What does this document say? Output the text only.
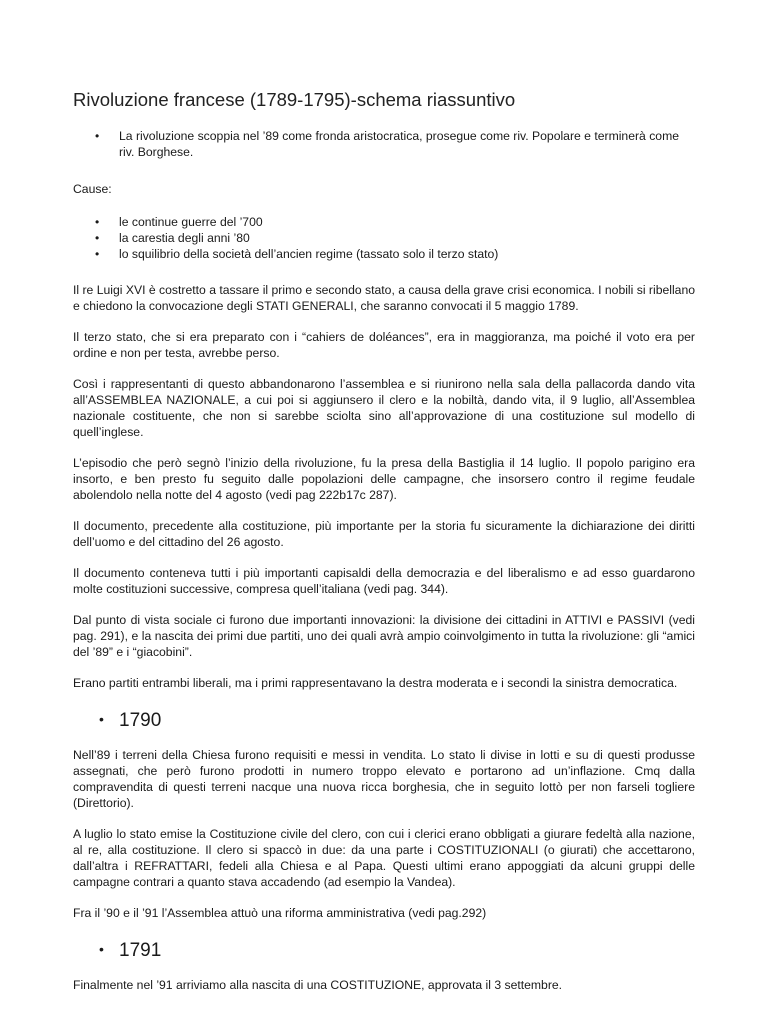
Rivoluzione francese (1789-1795)-schema riassuntivo
• La rivoluzione scoppia nel ’89 come fronda aristocratica, prosegue come riv. Popolare e terminerà come riv. Borghese.
Cause:
• le continue guerre del ’700
• la carestia degli anni ’80
• lo squilibrio della società dell’ancien regime (tassato solo il terzo stato)

Il re Luigi XVI è costretto a tassare il primo e secondo stato, a causa della grave crisi economica. I nobili si ribellano e chiedono la convocazione degli STATI GENERALI, che saranno convocati il 5 maggio 1789.

Il terzo stato, che si era preparato con i “cahiers de doléances”, era in maggioranza, ma poiché il voto era per ordine e non per testa, avrebbe perso.

Così i rappresentanti di questo abbandonarono l’assemblea e si riunirono nella sala della pallacorda dando vita all’ASSEMBLEA NAZIONALE, a cui poi si aggiunsero il clero e la nobiltà, dando vita, il 9 luglio, all’Assemblea nazionale costituente, che non si sarebbe sciolta sino all’approvazione di una costituzione sul modello di quell’inglese.

L’episodio che però segnò l’inizio della rivoluzione, fu la presa della Bastiglia il 14 luglio. Il popolo parigino era insorto, e ben presto fu seguito dalle popolazioni delle campagne, che insorsero contro il regime feudale abolendolo nella notte del 4 agosto (vedi pag 222b17c 287).

Il documento, precedente alla costituzione, più importante per la storia fu sicuramente la dichiarazione dei diritti dell’uomo e del cittadino del 26 agosto.

Il documento conteneva tutti i più importanti capisaldi della democrazia e del liberalismo e ad esso guardarono molte costituzioni successive, compresa quell’italiana (vedi pag. 344).

Dal punto di vista sociale ci furono due importanti innovazioni: la divisione dei cittadini in ATTIVI e PASSIVI (vedi pag. 291), e la nascita dei primi due partiti, uno dei quali avrà ampio coinvolgimento in tutta la rivoluzione: gli “amici del ’89” e i “giacobini”.

Erano partiti entrambi liberali, ma i primi rappresentavano la destra moderata e i secondi la sinistra democratica.

• 1790

Nell’89 i terreni della Chiesa furono requisiti e messi in vendita. Lo stato li divise in lotti e su di questi produsse assegnati, che però furono prodotti in numero troppo elevato e portarono ad un’inflazione. Cmq dalla compravendita di questi terreni nacque una nuova ricca borghesia, che in seguito lottò per non farseli togliere (Direttorio).

A luglio lo stato emise la Costituzione civile del clero, con cui i clerici erano obbligati a giurare fedeltà alla nazione, al re, alla costituzione. Il clero si spaccò in due: da una parte i COSTITUZIONALI (o giurati) che accettarono, dall’altra i REFRATTARI, fedeli alla Chiesa e al Papa. Questi ultimi erano appoggiati da alcuni gruppi delle campagne contrari a quanto stava accadendo (ad esempio la Vandea).

Fra il ’90 e il ’91 l’Assemblea attuò una riforma amministrativa (vedi pag.292)

• 1791

Finalmente nel ’91 arriviamo alla nascita di una COSTITUZIONE, approvata il 3 settembre.
